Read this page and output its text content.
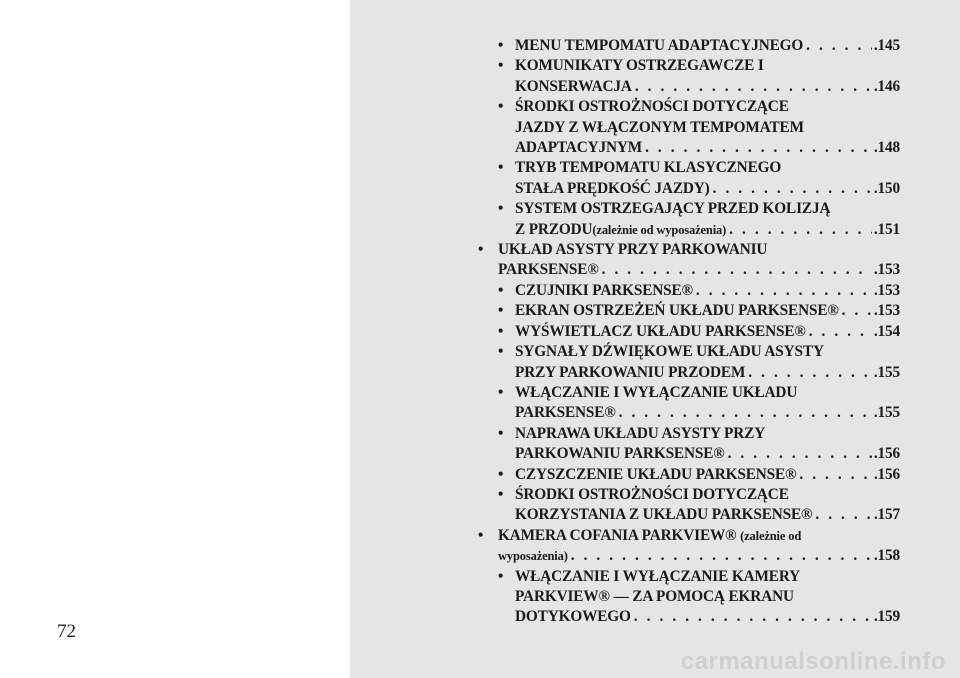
72
• MENU TEMPOMATU ADAPTACYJNEGO . . .	.145
• KOMUNIKATY OSTRZEGAWCZE I
KONSERWACJA . . .	.146
• ŚRODKI OSTROŻNOŚCI DOTYCZĄCE
JAZDY Z WŁĄCZONYM TEMPOMATEM
ADAPTACYJNYM . . .	.148
• TRYB TEMPOMATU KLASYCZNEGO
STAŁA PRĘDKOŚĆ JAZDY) . . .	.150
• SYSTEM OSTRZEGAJĄCY PRZED KOLIZJĄ
Z PRZODU(zależnie od wyposażenia) . . .	.151
• UKŁAD ASYSTY PRZY PARKOWANIU
PARKSENSE® . . .	.153
• CZUJNIKI PARKSENSE® . . .	.153
• EKRAN OSTRZEŻEŃ UKŁADU PARKSENSE® . . . .153
• WYŚWIETLACZ UKŁADU PARKSENSE® . . .	.154
• SYGNAŁY DŹWIĘKOWE UKŁADU ASYSTY
PRZY PARKOWANIU PRZODEM . . .	.155
• WŁĄCZANIE I WYŁĄCZANIE UKŁADU
PARKSENSE® . . .	.155
• NAPRAWA UKŁADU ASYSTY PRZY
PARKOWANIU PARKSENSE® . . .	.156
• CZYSZCZENIE UKŁADU PARKSENSE® . . .	.156
• ŚRODKI OSTROŻNOŚCI DOTYCZĄCE
KORZYSTANIA Z UKŁADU PARKSENSE® . . .	.157
• KAMERA COFANIA PARKVIEW® (zależnie od
wyposażenia) . . .	.158
• WŁĄCZANIE I WYŁĄCZANIE KAMERY
PARKVIEW® — ZA POMOCĄ EKRANU
DOTYKOWEGO . . .	.159
carmanualsonline.info
